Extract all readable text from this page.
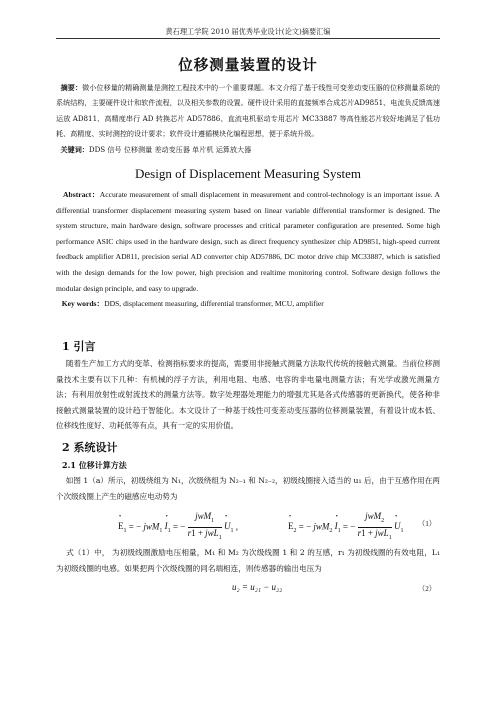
黄石理工学院 2010 届优秀毕业设计(论文)摘要汇编
位移测量装置的设计
摘要：微小位移量的精确测量是测控工程技术中的一个重要课题。本文介绍了基于线性可变差动变压器的位移测量系统的系统结构，主要硬件设计和软件流程，以及相关参数的设置。硬件设计采用的直接频率合成芯片AD9851、电流负反馈高速运放 AD811、高精度串行 AD 转换芯片 AD57886、直流电机驱动专用芯片 MC33887 等高性能芯片较好地满足了低功耗、高精度、实时测控的设计要求；软件设计遵循模块化编程思想，便于系统升级。
关键词：DDS 信号 位移测量 差动变压器 单片机 运算放大器
Design of Displacement Measuring System
Abstract：Accurate measurement of small displacement in measurement and control-technology is an important issue. A differential transformer displacement measuring system based on linear variable differential transformer is designed. The system structure, main hardware design, software processes and critical parameter configuration are presented. Some high performance ASIC chips used in the hardware design, such as direct frequency synthesizer chip AD9851, high-speed current feedback amplifier AD811, precision serial AD converter chip AD57886, DC motor drive chip MC33887, which is satisfied with the design demands for the low power, high precision and realtime monitoring control. Software design follows the modular design principle, and easy to upgrade.
Key words：DDS, displacement measuring, differential transformer, MCU, amplifier
1 引言
随着生产加工方式的变革、检测指标要求的提高，需要用非接触式测量方法取代传统的接触式测量。当前位移测量技术主要有以下几种：有机械的浮子方法，利用电阻、电感、电容的非电量电测量方法；有光学或激光测量方法；有利用放射性或射流技术的测量方法等。数字处理器处理能力的增强尤其是各式传感器的更新换代，使各种非接触式测量装置的设计趋于智能化。本文设计了一种基于线性可变差动变压器的位移测量装置，有着设计成本低、位移线性度好、功耗低等有点，具有一定的实用价值。
2 系统设计
2.1 位移计算方法
如图 1（a）所示，初级绕组为 N₁，次级绕组为 N₂₋₁ 和 N₂₋₂，初级线圈接入适当的 u₁ 后，由于互感作用在两个次级线圈上产生的磁感应电动势为
• $E_1$ = − jwM$_1$ • $I_1$ = − $\frac{jwM_1}{r1 + jwL_1}$ • $U_1$ ,	• $E_2$ = − jwM$_2$ • $I_1$ = − $\frac{jwM_2}{r1 + jwL_1}$ • $U_1$
（1）
式（1）中， 为初级线圈激励电压相量，M₁ 和 M₂ 为次级线圈 1 和 2 的互感，r₁ 为初级线圈的有效电阻，L₁ 为初级线圈的电感。如果把两个次级线圈的同名端相连，则传感器的输出电压为
u₂ = u₂₁ − u₂₂	（2）
